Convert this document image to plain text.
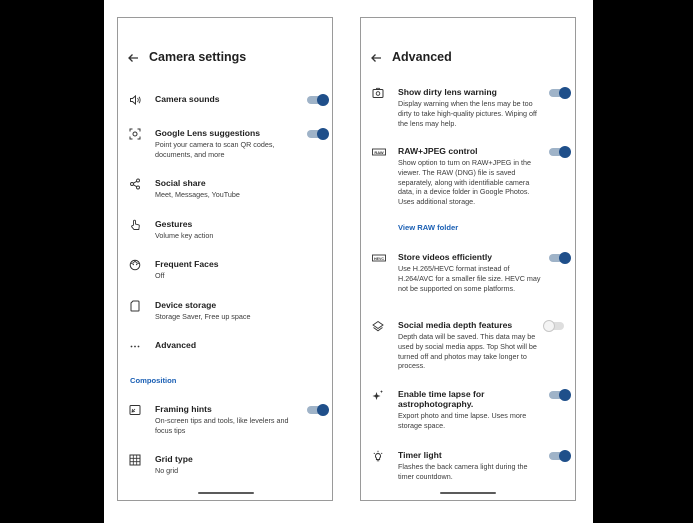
Camera settings
Camera sounds
Google Lens suggestions
Point your camera to scan QR codes, documents, and more
Social share
Meet, Messages, YouTube
Gestures
Volume key action
Frequent Faces
Off
Device storage
Storage Saver, Free up space
Advanced
Composition
Framing hints
On-screen tips and tools, like levelers and focus tips
Grid type
No grid
Advanced
Show dirty lens warning
Display warning when the lens may be too dirty to take high-quality pictures. Wiping off the lens may help.
RAW RAW+JPEG control
Show option to turn on RAW+JPEG in the viewer. The RAW (DNG) file is saved separately, along with identifiable camera data, in a device folder in Google Photos. Uses additional storage.
View RAW folder
HEVC Store videos efficiently
Use H.265/HEVC format instead of H.264/AVC for a smaller file size. HEVC may not be supported on some platforms.
Social media depth features
Depth data will be saved. This data may be used by social media apps. Top Shot will be turned off and photos may take longer to process.
Enable time lapse for
astrophotography.
Export photo and time lapse. Uses more storage space.
Timer light
Flashes the back camera light during the timer countdown.
